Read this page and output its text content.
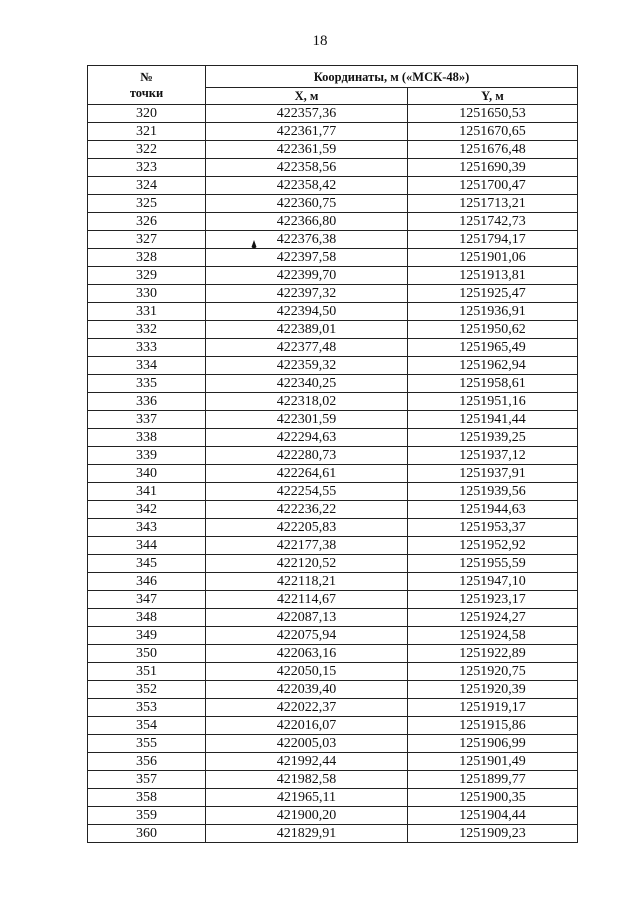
18
№
точки	Координаты, м («МСК-48»)	
	X, м	Y, м
320	422357,36	1251650,53
321	422361,77	1251670,65
322	422361,59	1251676,48
323	422358,56	1251690,39
324	422358,42	1251700,47
325	422360,75	1251713,21
326	422366,80	1251742,73
327	422376,38	1251794,17
328	422397,58	1251901,06
329	422399,70	1251913,81
330	422397,32	1251925,47
331	422394,50	1251936,91
332	422389,01	1251950,62
333	422377,48	1251965,49
334	422359,32	1251962,94
335	422340,25	1251958,61
336	422318,02	1251951,16
337	422301,59	1251941,44
338	422294,63	1251939,25
339	422280,73	1251937,12
340	422264,61	1251937,91
341	422254,55	1251939,56
342	422236,22	1251944,63
343	422205,83	1251953,37
344	422177,38	1251952,92
345	422120,52	1251955,59
346	422118,21	1251947,10
347	422114,67	1251923,17
348	422087,13	1251924,27
349	422075,94	1251924,58
350	422063,16	1251922,89
351	422050,15	1251920,75
352	422039,40	1251920,39
353	422022,37	1251919,17
354	422016,07	1251915,86
355	422005,03	1251906,99
356	421992,44	1251901,49
357	421982,58	1251899,77
358	421965,11	1251900,35
359	421900,20	1251904,44
360	421829,91	1251909,23
